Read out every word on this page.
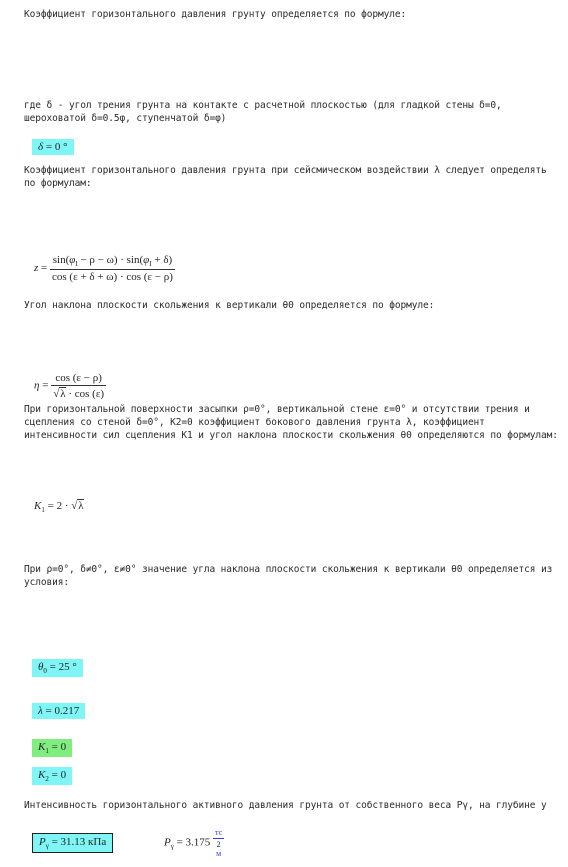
Коэффициент горизонтального давления грунту определяется по формуле:
где δ - угол трения грунта на контакте с расчетной плоскостью (для гладкой стены δ=0, шероховатой δ=0.5φ, ступенчатой δ=φ)
δ = 0 °
Коэффициент горизонтального давления грунта при сейсмическом воздействии λ следует определять по формулам:
$z = \frac{\sin(\varphi_I - \rho - \omega) \cdot \sin(\varphi_I + \delta)}{\cos (\varepsilon + \delta + \omega) \cdot \cos (\varepsilon - \rho)}$
Угол наклона плоскости скольжения к вертикали θ0 определяется по формуле:
$\eta = \frac{\cos (\varepsilon - \rho)}{√\lambda \cdot \cos (\varepsilon)}$
При горизонтальной поверхности засыпки ρ=0°, вертикальной стене ε=0° и отсутствии трения и сцепления со стеной δ=0°, K2=0 коэффициент бокового давления грунта λ, коэффициент интенсивности сил сцепления K1 и угол наклона плоскости скольжения θ0 определяются по формулам:
$K_1 = 2 \cdot √\lambda$
При ρ=0°, δ≠0°, ε≠0° значение угла наклона плоскости скольжения к вертикали θ0 определяется из условия:
$\theta_0 = 25$ °
λ = 0.217
$K_1 = 0$
$K_2 = 0$
Интенсивность горизонтального активного давления грунта от собственного веса Pγ, на глубине y
$P_\gamma = 31.13$ кПа	$P_\gamma = 3.175$
тс
2
м
